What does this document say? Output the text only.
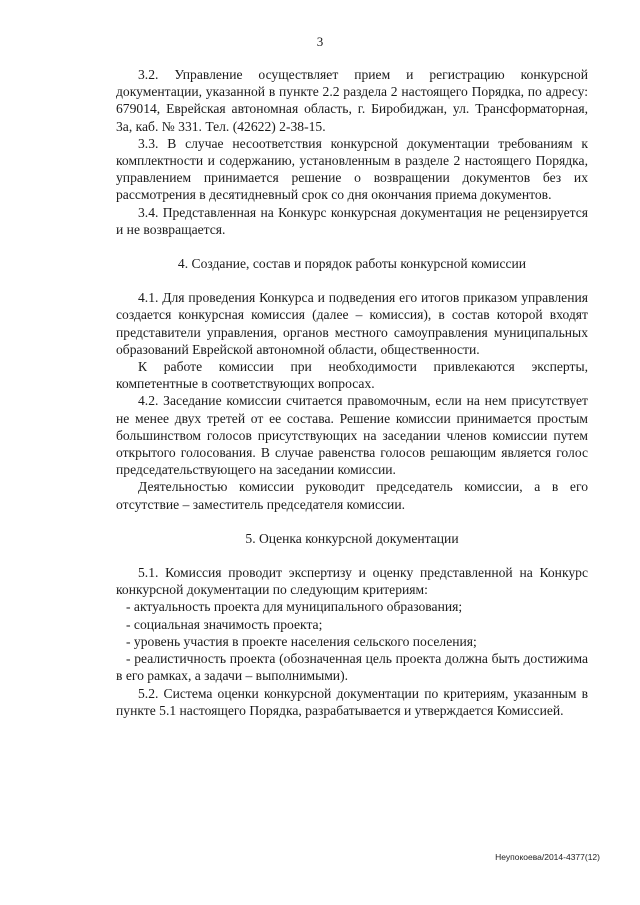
3

3.2. Управление осуществляет прием и регистрацию конкурсной документации, указанной в пункте 2.2 раздела 2 настоящего Порядка, по адресу: 679014, Еврейская автономная область, г. Биробиджан, ул. Трансформаторная, 3а, каб. № 331. Тел. (42622) 2-38-15.

3.3. В случае несоответствия конкурсной документации требованиям к комплектности и содержанию, установленным в разделе 2 настоящего Порядка, управлением принимается решение о возвращении документов без их рассмотрения в десятидневный срок со дня окончания приема документов.

3.4. Представленная на Конкурс конкурсная документация не рецензируется и не возвращается.

4. Создание, состав и порядок работы конкурсной комиссии

4.1. Для проведения Конкурса и подведения его итогов приказом управления создается конкурсная комиссия (далее – комиссия), в состав которой входят представители управления, органов местного самоуправления муниципальных образований Еврейской автономной области, общественности.

К работе комиссии при необходимости привлекаются эксперты, компетентные в соответствующих вопросах.

4.2. Заседание комиссии считается правомочным, если на нем присутствует не менее двух третей от ее состава. Решение комиссии принимается простым большинством голосов присутствующих на заседании членов комиссии путем открытого голосования. В случае равенства голосов решающим является голос председательствующего на заседании комиссии.

Деятельностью комиссии руководит председатель комиссии, а в его отсутствие – заместитель председателя комиссии.

5. Оценка конкурсной документации

5.1. Комиссия проводит экспертизу и оценку представленной на Конкурс конкурсной документации по следующим критериям:

- актуальность проекта для муниципального образования;

- социальная значимость проекта;

- уровень участия в проекте населения сельского поселения;

- реалистичность проекта (обозначенная цель проекта должна быть достижима в его рамках, а задачи – выполнимыми).

5.2. Система оценки конкурсной документации по критериям, указанным в пункте 5.1 настоящего Порядка, разрабатывается и утверждается Комиссией.

Неупокоева/2014-4377(12)
